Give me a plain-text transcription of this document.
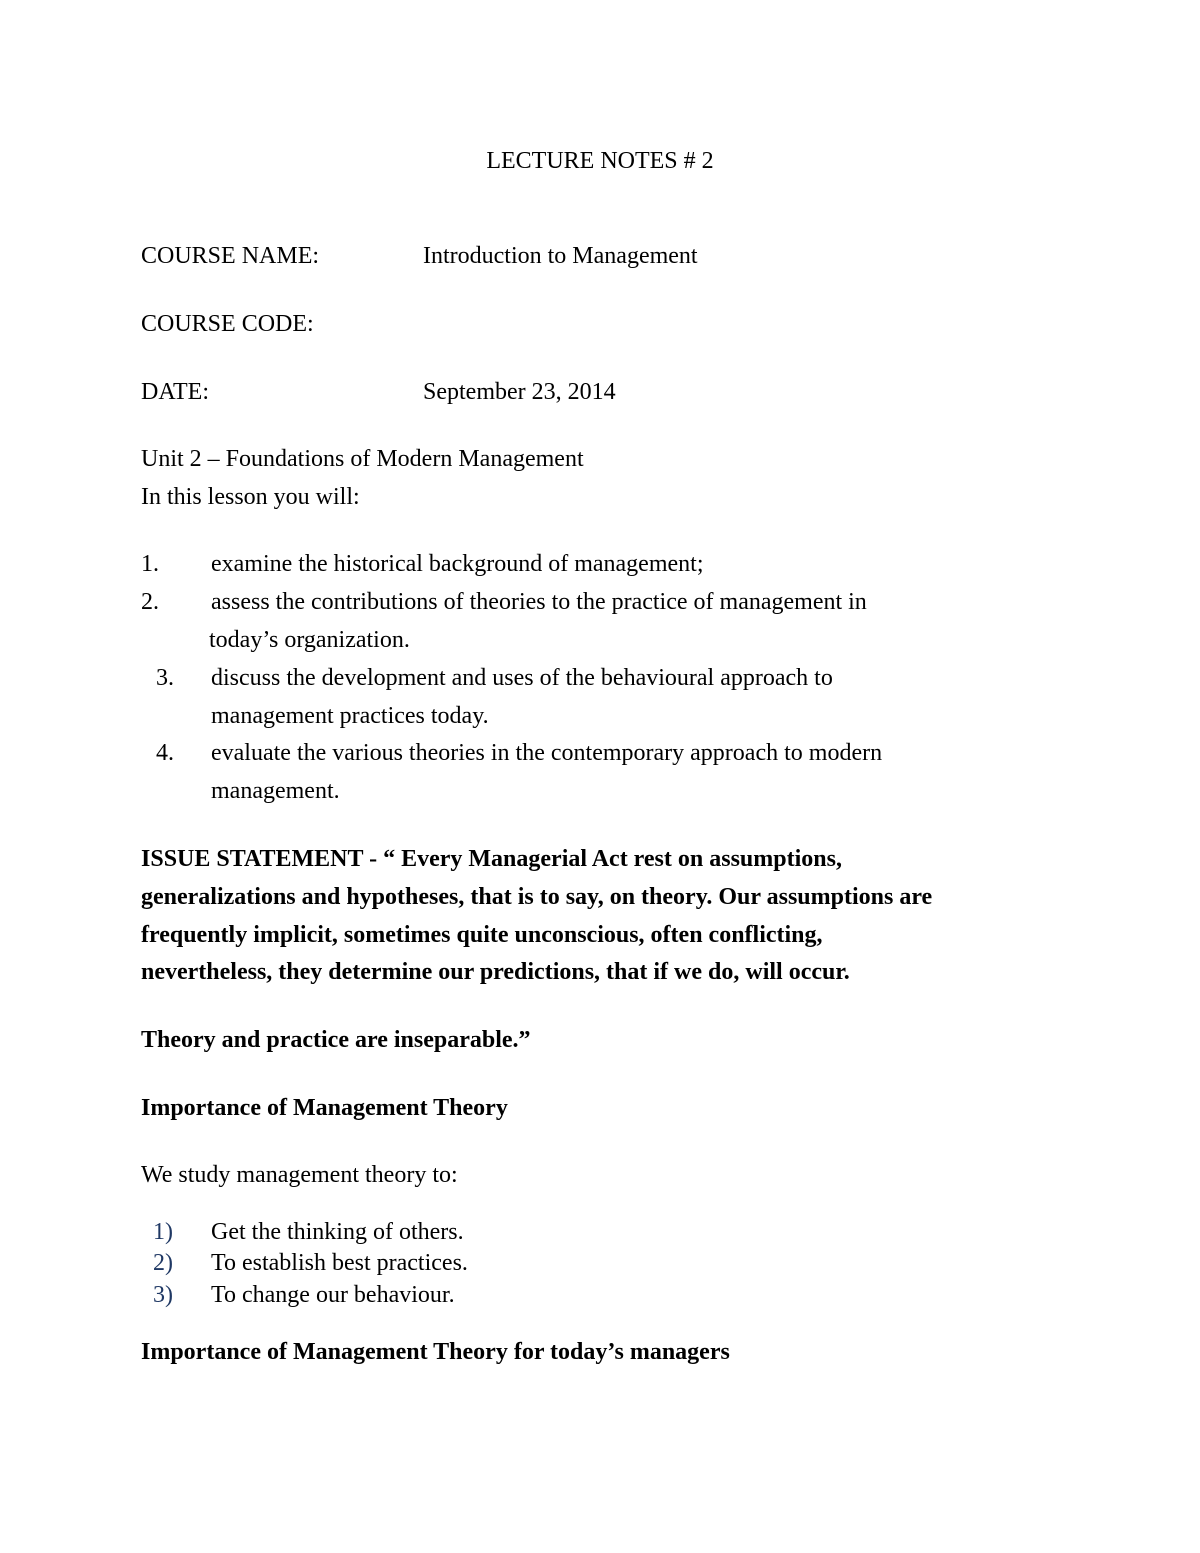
LECTURE NOTES # 2
COURSE NAME:	Introduction to Management
COURSE CODE:
DATE:	September 23, 2014
Unit 2 – Foundations of Modern Management
In this lesson you will:
1. examine the historical background of management;
2. assess the contributions of theories to the practice of management in
today’s organization.
3. discuss the development and uses of the behavioural approach to
management practices today.
4. evaluate the various theories in the contemporary approach to modern
management.
ISSUE STATEMENT - “ Every Managerial Act rest on assumptions,
generalizations and hypotheses, that is to say, on theory. Our assumptions are
frequently implicit, sometimes quite unconscious, often conflicting,
nevertheless, they determine our predictions, that if we do, will occur.
Theory and practice are inseparable.”
Importance of Management Theory
We study management theory to:
1) Get the thinking of others.
2) To establish best practices.
3) To change our behaviour.
Importance of Management Theory for today’s managers
